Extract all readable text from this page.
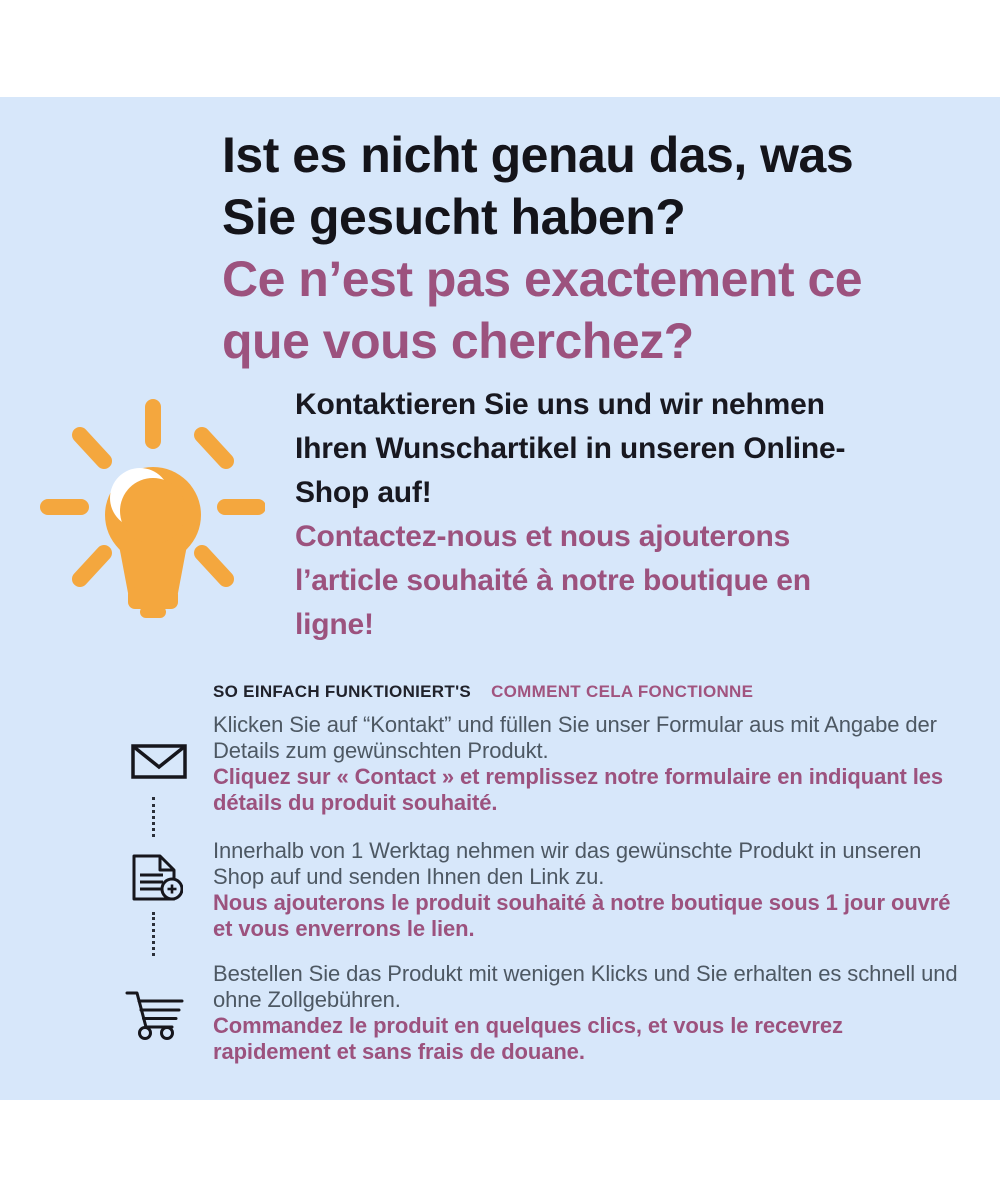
Ist es nicht genau das, was Sie gesucht haben?
Ce n’est pas exactement ce que vous cherchez?

Kontaktieren Sie uns und wir nehmen Ihren Wunschartikel in unseren Online-Shop auf!

Contactez-nous et nous ajouterons l’article souhaité à notre boutique en ligne!

SO EINFACH FUNKTIONIERT'S COMMENT CELA FONCTIONNE

Klicken Sie auf “Kontakt” und füllen Sie unser Formular aus mit Angabe der Details zum gewünschten Produkt.

Cliquez sur « Contact » et remplissez notre formulaire en indiquant les détails du produit souhaité.

Innerhalb von 1 Werktag nehmen wir das gewünschte Produkt in unseren Shop auf und senden Ihnen den Link zu.

Nous ajouterons le produit souhaité à notre boutique sous 1 jour ouvré et vous enverrons le lien.

Bestellen Sie das Produkt mit wenigen Klicks und Sie erhalten es schnell und ohne Zollgebühren.

Commandez le produit en quelques clics, et vous le recevrez rapidement et sans frais de douane.
